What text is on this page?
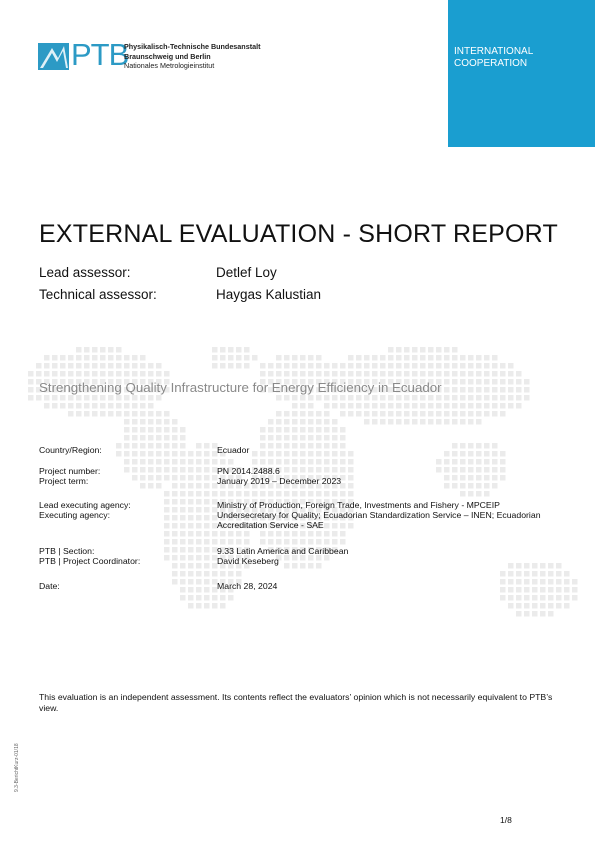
PTB
Physikalisch-Technische Bundesanstalt
Braunschweig und Berlin
Nationales Metrologieinstitut
INTERNATIONAL
COOPERATION
EXTERNAL EVALUATION - SHORT REPORT
Lead assessor:	Detlef Loy
Technical assessor:	Haygas Kalustian
Strengthening Quality Infrastructure for Energy Efficiency in Ecuador
Country/Region:	Ecuador
Project number:	PN 2014.2488.6
Project term:	January 2019 – December 2023
Lead executing agency:	Ministry of Production, Foreign Trade, Investments and Fishery - MPCEIP
Executing agency:	Undersecretary for Quality; Ecuadorian Standardization Service – INEN; Ecuadorian Accreditation Service - SAE
PTB | Section:	9.33 Latin America and Caribbean
PTB | Project Coordinator:	David Keseberg
Date:	March 28, 2024
This evaluation is an independent assessment. Its contents reflect the evaluators’ opinion which is not necessarily equivalent to PTB’s view.
9.3-BerichtKurz-01/18
1/8
